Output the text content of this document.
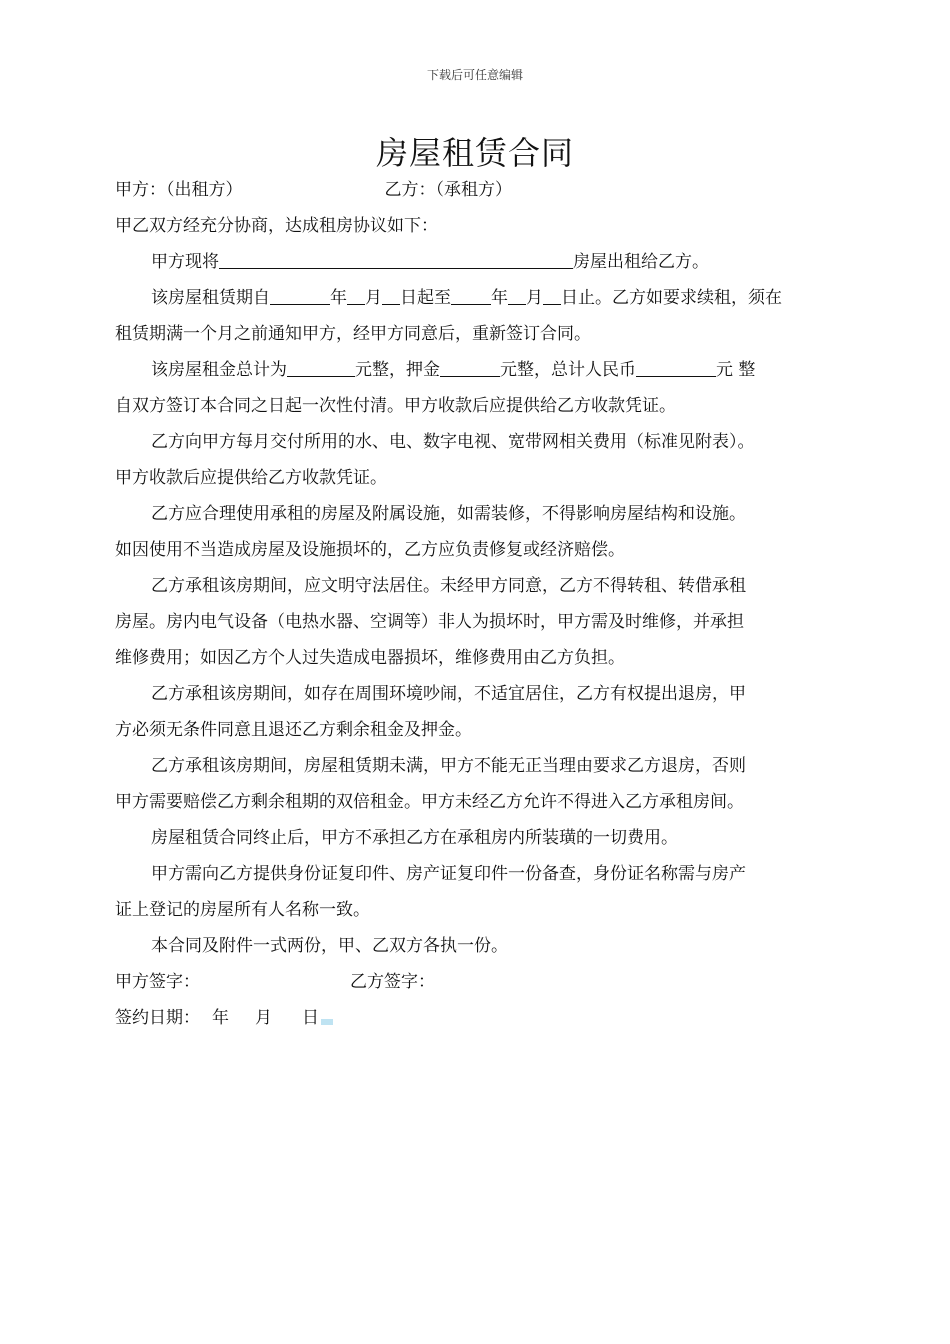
下载后可任意编辑
房屋租赁合同
甲方：（出租方）	乙方：（承租方）
甲乙双方经充分协商，达成租房协议如下：
甲方现将	房屋出租给乙方。
该房屋租赁期自	年 月 日起至 年 月 日止。乙方如要求续租，须在
租赁期满一个月之前通知甲方，经甲方同意后，重新签订合同。
该房屋租金总计为	元整，押金	元整，总计人民币	元 整
自双方签订本合同之日起一次性付清。甲方收款后应提供给乙方收款凭证。
乙方向甲方每月交付所用的水、电、数字电视、宽带网相关费用（标准见附表）。
甲方收款后应提供给乙方收款凭证。
乙方应合理使用承租的房屋及附属设施，如需装修，不得影响房屋结构和设施。
如因使用不当造成房屋及设施损坏的，乙方应负责修复或经济赔偿。
乙方承租该房期间，应文明守法居住。未经甲方同意，乙方不得转租、转借承租
房屋。房内电气设备（电热水器、空调等）非人为损坏时，甲方需及时维修，并承担
维修费用；如因乙方个人过失造成电器损坏，维修费用由乙方负担。
乙方承租该房期间，如存在周围环境吵闹，不适宜居住，乙方有权提出退房，甲
方必须无条件同意且退还乙方剩余租金及押金。
乙方承租该房期间，房屋租赁期未满，甲方不能无正当理由要求乙方退房，否则
甲方需要赔偿乙方剩余租期的双倍租金。甲方未经乙方允许不得进入乙方承租房间。
房屋租赁合同终止后，甲方不承担乙方在承租房内所装璜的一切费用。
甲方需向乙方提供身份证复印件、房产证复印件一份备查，身份证名称需与房产
证上登记的房屋所有人名称一致。
本合同及附件一式两份，甲、乙双方各执一份。
甲方签字：	乙方签字：
签约日期： 年 月 日
